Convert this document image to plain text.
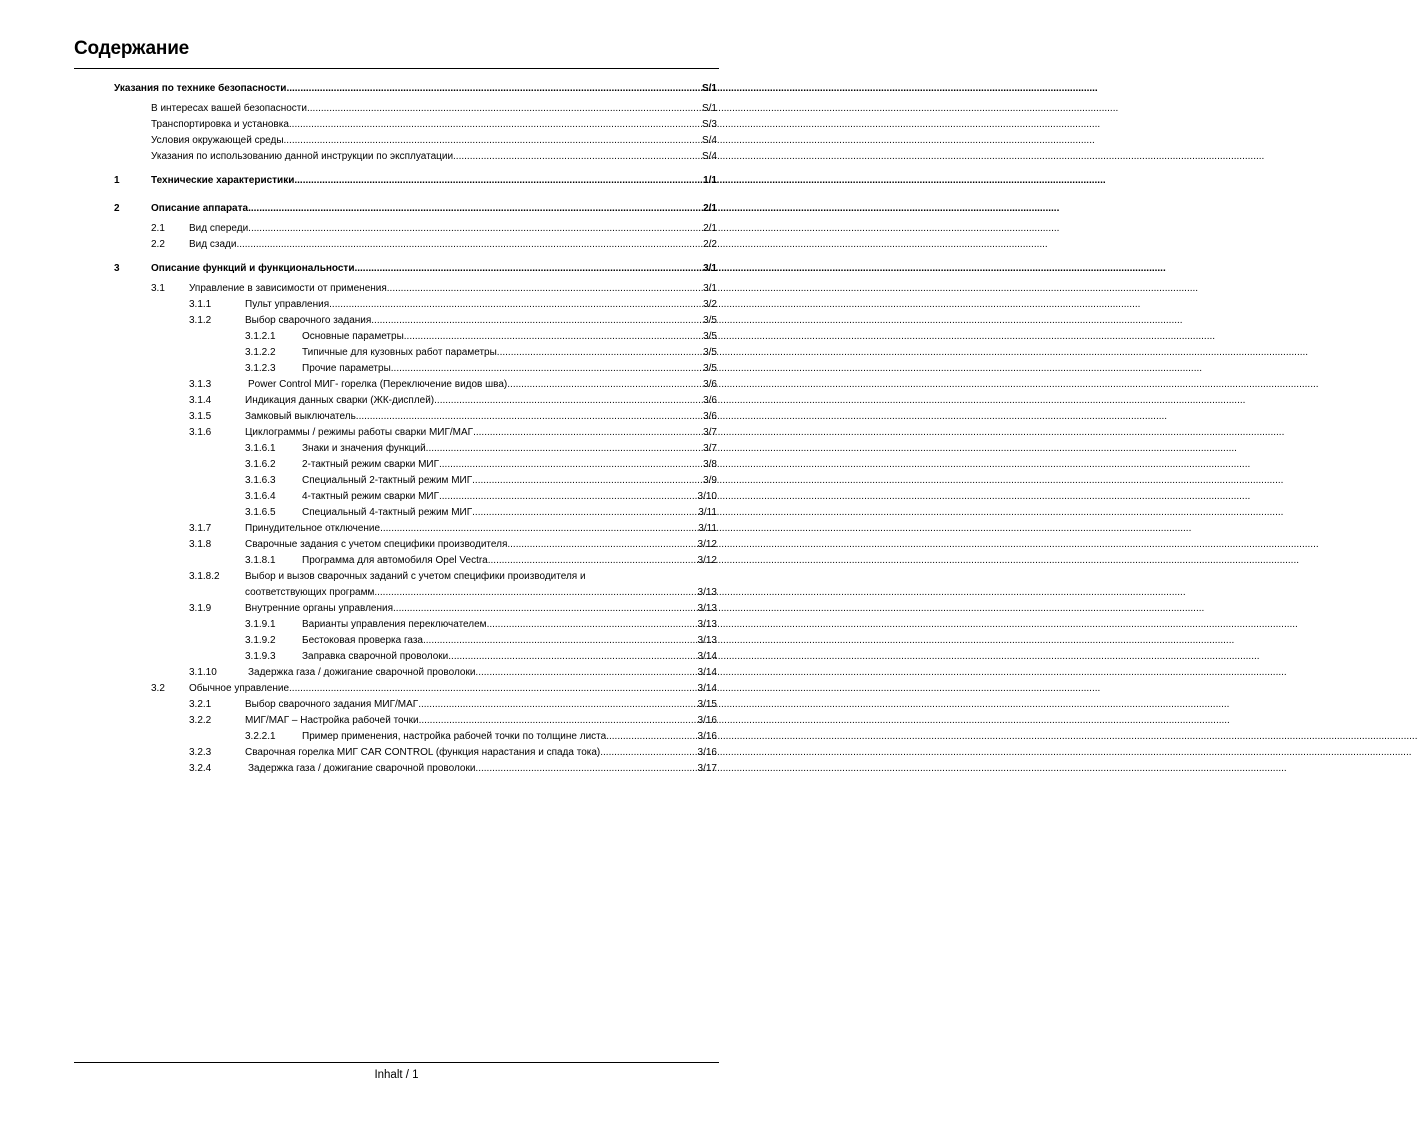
Содержание
Указания по технике безопасности .....	S/1
В интересах вашей безопасности .....	S/1
Транспортировка и установка .....	S/3
Условия окружающей среды .....	S/4
Указания по использованию данной инструкции по эксплуатации .....	S/4
1	Технические характеристики .....	1/1
2	Описание аппарата .....	2/1
2.1 Вид спереди .....	2/1
2.2 Вид сзади .....	2/2
3	Описание функций и функциональности .....	3/1
3.1 Управление в зависимости от применения .....	3/1
3.1.1	Пульт управления .....	3/2
3.1.2	Выбор сварочного задания .....	3/5
3.1.2.1	Основные параметры .....	3/5
3.1.2.2	Типичные для кузовных работ параметры .....	3/5
3.1.2.3	Прочие параметры .....	3/5
3.1.3	Power Control МИГ- горелка (Переключение видов шва) .....	3/6
3.1.4	Индикация данных сварки (ЖК-дисплей) .....	3/6
3.1.5	Замковый выключатель .....	3/6
3.1.6	Циклограммы / режимы работы сварки МИГ/МАГ .....	3/7
3.1.6.1	Знаки и значения функций .....	3/7
3.1.6.2	2-тактный режим сварки МИГ .....	3/8
3.1.6.3	Специальный 2-тактный режим МИГ .....	3/9
3.1.6.4	4-тактный режим сварки МИГ .....	3/10
3.1.6.5	Специальный 4-тактный режим МИГ .....	3/11
3.1.7	Принудительное отключение .....	3/11
3.1.8	Сварочные задания с учетом специфики производителя .....	3/12
3.1.8.1	Программа для автомобиля Opel Vectra .....	3/12
3.1.8.2	Выбор и вызов сварочных заданий с учетом специфики производителя и
соответствующих программ .....	3/13
3.1.9	Внутренние органы управления .....	3/13
3.1.9.1	Варианты управления переключателем .....	3/13
3.1.9.2	Бестоковая проверка газа .....	3/13
3.1.9.3	Заправка сварочной проволоки .....	3/14
3.1.10	Задержка газа / дожигание сварочной проволоки .....	3/14
3.2 Обычное управление .....	3/14
3.2.1	Выбор сварочного задания МИГ/МАГ .....	3/15
3.2.2	МИГ/МАГ – Настройка рабочей точки .....	3/16
3.2.2.1	Пример применения, настройка рабочей точки по толщине листа .....	3/16
3.2.3	Сварочная горелка МИГ CAR CONTROL (функция нарастания и спада тока) .....	3/16
3.2.4	Задержка газа / дожигание сварочной проволоки .....	3/17
Inhalt / 1
